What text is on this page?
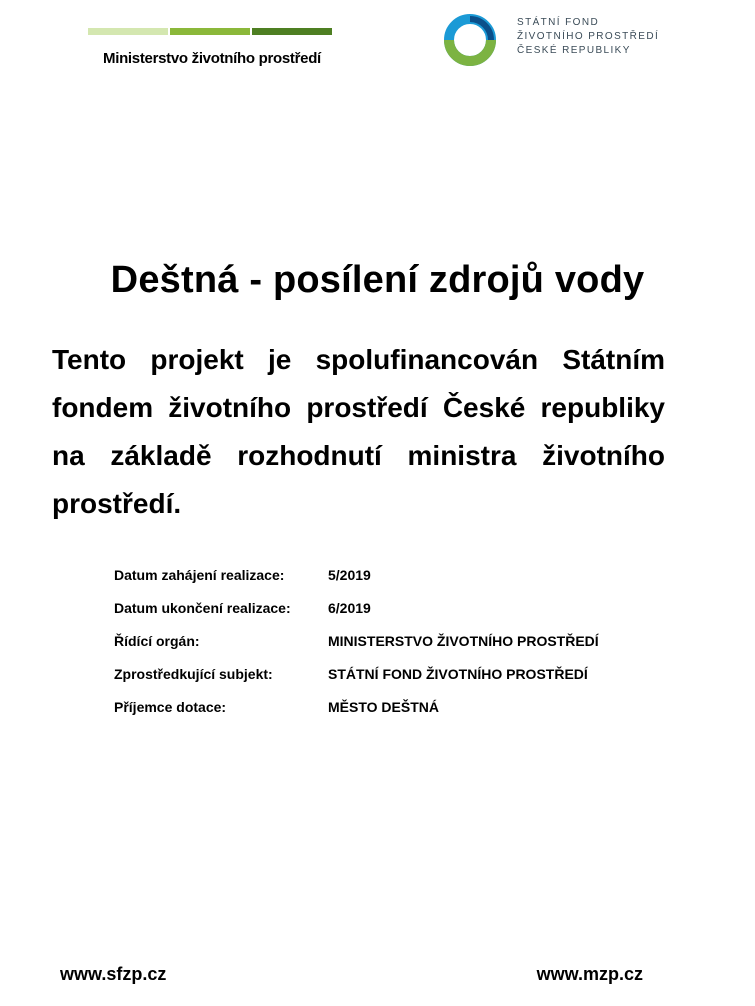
Ministerstvo životního prostředí
STÁTNÍ FOND
ŽIVOTNÍHO PROSTŘEDÍ
ČESKÉ REPUBLIKY
Deštná - posílení zdrojů vody

Tento projekt je spolufinancován Státním fondem životního prostředí České republiky na základě rozhodnutí ministra životního prostředí.

Datum zahájení realizace:	5/2019
Datum ukončení realizace:	6/2019
Řídící orgán:	MINISTERSTVO ŽIVOTNÍHO PROSTŘEDÍ
Zprostředkující subjekt:	STÁTNÍ FOND ŽIVOTNÍHO PROSTŘEDÍ
Příjemce dotace:	MĚSTO DEŠTNÁ
www.sfzp.cz	www.mzp.cz
